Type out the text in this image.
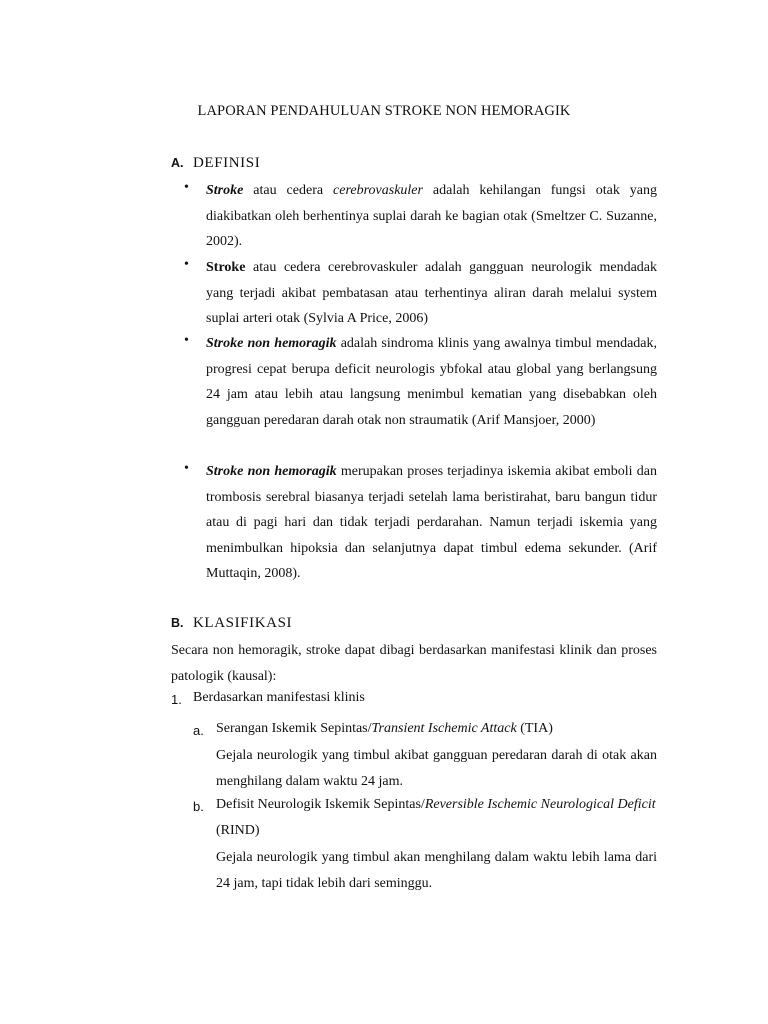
LAPORAN PENDAHULUAN STROKE NON HEMORAGIK
A. DEFINISI
• Stroke atau cedera cerebrovaskuler adalah kehilangan fungsi otak yang diakibatkan oleh berhentinya suplai darah ke bagian otak (Smeltzer C. Suzanne, 2002).
• Stroke atau cedera cerebrovaskuler adalah gangguan neurologik mendadak yang terjadi akibat pembatasan atau terhentinya aliran darah melalui system suplai arteri otak (Sylvia A Price, 2006)
• Stroke non hemoragik adalah sindroma klinis yang awalnya timbul mendadak, progresi cepat berupa deficit neurologis ybfokal atau global yang berlangsung 24 jam atau lebih atau langsung menimbul kematian yang disebabkan oleh gangguan peredaran darah otak non straumatik (Arif Mansjoer, 2000)
• Stroke non hemoragik merupakan proses terjadinya iskemia akibat emboli dan trombosis serebral biasanya terjadi setelah lama beristirahat, baru bangun tidur atau di pagi hari dan tidak terjadi perdarahan. Namun terjadi iskemia yang menimbulkan hipoksia dan selanjutnya dapat timbul edema sekunder. (Arif Muttaqin, 2008).
B. KLASIFIKASI
Secara non hemoragik, stroke dapat dibagi berdasarkan manifestasi klinik dan proses patologik (kausal):
1. Berdasarkan manifestasi klinis
a. Serangan Iskemik Sepintas/Transient Ischemic Attack (TIA)
Gejala neurologik yang timbul akibat gangguan peredaran darah di otak akan menghilang dalam waktu 24 jam.
b. Defisit Neurologik Iskemik Sepintas/Reversible Ischemic Neurological Deficit (RIND)
Gejala neurologik yang timbul akan menghilang dalam waktu lebih lama dari 24 jam, tapi tidak lebih dari seminggu.
